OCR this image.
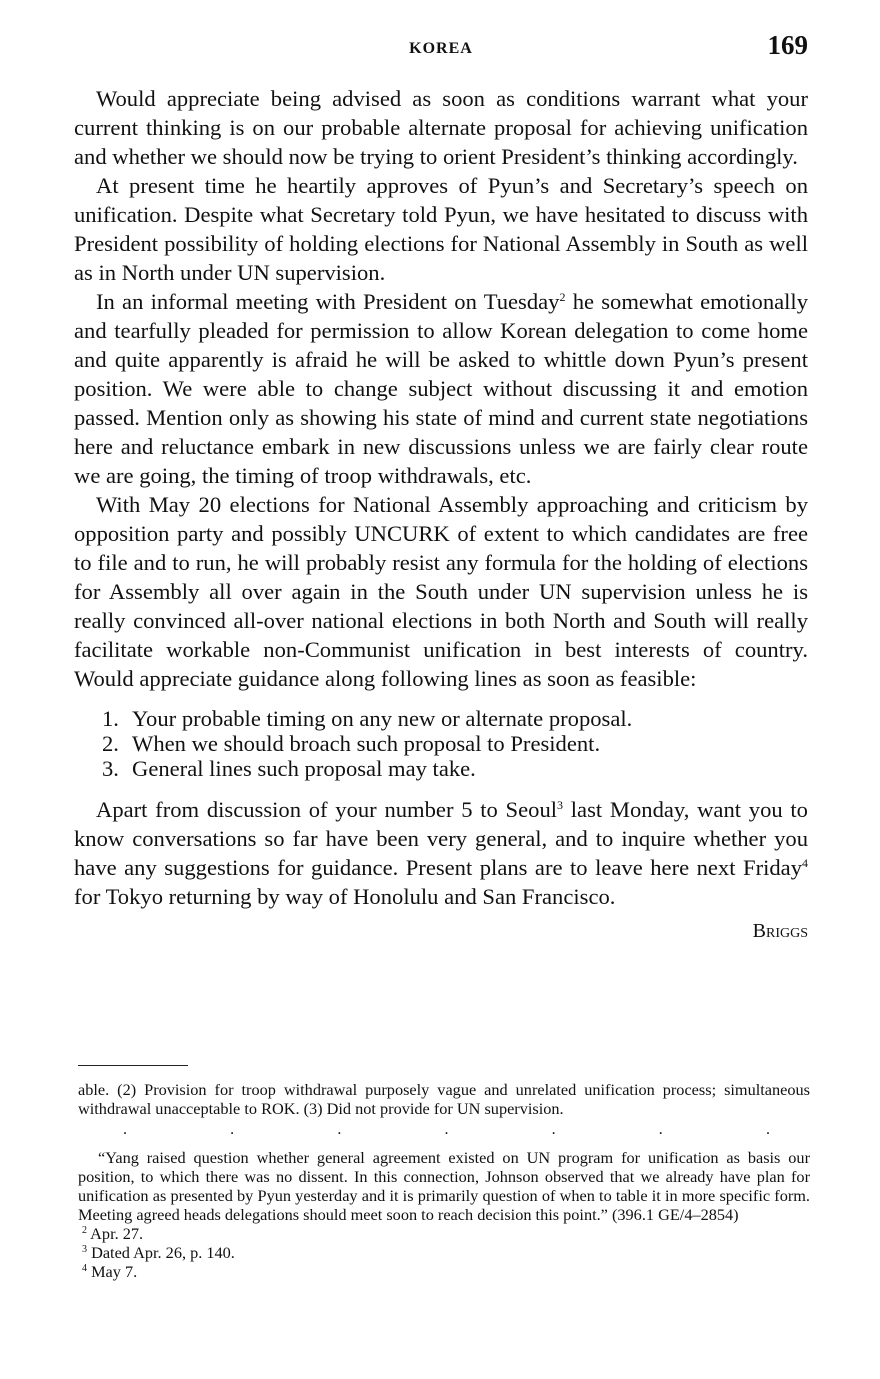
KOREA	169

Would appreciate being advised as soon as conditions warrant what your current thinking is on our probable alternate proposal for achieving unification and whether we should now be trying to orient President’s thinking accordingly.

At present time he heartily approves of Pyun’s and Secretary’s speech on unification. Despite what Secretary told Pyun, we have hesitated to discuss with President possibility of holding elections for National Assembly in South as well as in North under UN supervision.

In an informal meeting with President on Tuesday$^2$ he somewhat emotionally and tearfully pleaded for permission to allow Korean delegation to come home and quite apparently is afraid he will be asked to whittle down Pyun’s present position. We were able to change subject without discussing it and emotion passed. Mention only as showing his state of mind and current state negotiations here and reluctance embark in new discussions unless we are fairly clear route we are going, the timing of troop withdrawals, etc.

With May 20 elections for National Assembly approaching and criticism by opposition party and possibly UNCURK of extent to which candidates are free to file and to run, he will probably resist any formula for the holding of elections for Assembly all over again in the South under UN supervision unless he is really convinced all-over national elections in both North and South will really facilitate workable non-Communist unification in best interests of country. Would appreciate guidance along following lines as soon as feasible:

1. Your probable timing on any new or alternate proposal.
2. When we should broach such proposal to President.
3. General lines such proposal may take.

Apart from discussion of your number 5 to Seoul$^3$ last Monday, want you to know conversations so far have been very general, and to inquire whether you have any suggestions for guidance. Present plans are to leave here next Friday$^4$ for Tokyo returning by way of Honolulu and San Francisco.

Briggs

able. (2) Provision for troop withdrawal purposely vague and unrelated unification process; simultaneous withdrawal unacceptable to ROK. (3) Did not provide for UN supervision.

.	.	.	.	.	.	.

“Yang raised question whether general agreement existed on UN program for unification as basis our position, to which there was no dissent. In this connection, Johnson observed that we already have plan for unification as presented by Pyun yesterday and it is primarily question of when to table it in more specific form. Meeting agreed heads delegations should meet soon to reach decision this point.” (396.1 GE/4–2854)

$^2$ Apr. 27.
$^3$ Dated Apr. 26, p. 140.
$^4$ May 7.
